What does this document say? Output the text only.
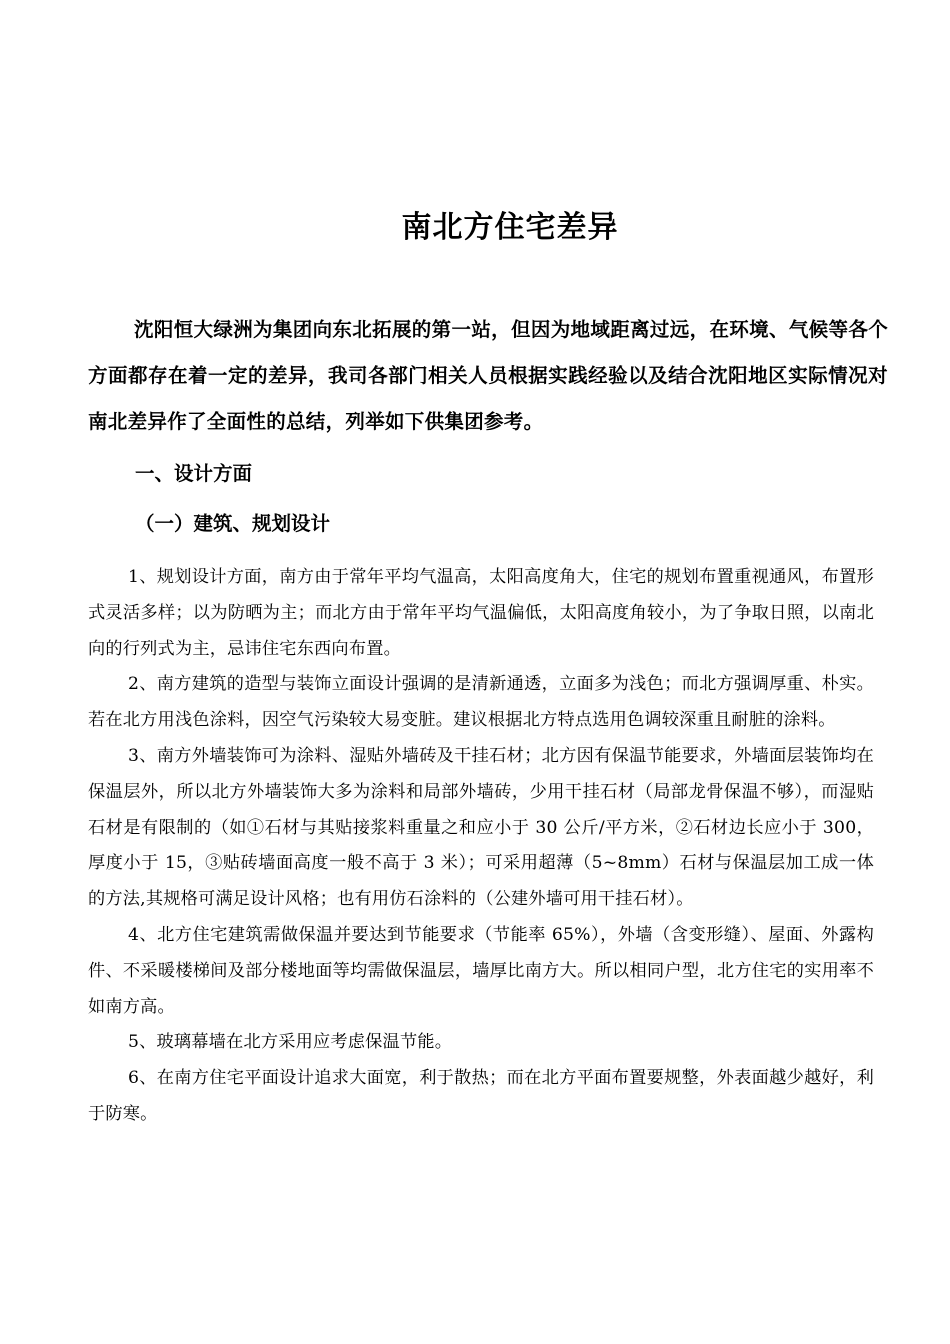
南北方住宅差异

沈阳恒大绿洲为集团向东北拓展的第一站，但因为地域距离过远，在环境、气候等各个方面都存在着一定的差异，我司各部门相关人员根据实践经验以及结合沈阳地区实际情况对南北差异作了全面性的总结，列举如下供集团参考。

一、设计方面

（一）建筑、规划设计

1、规划设计方面，南方由于常年平均气温高，太阳高度角大，住宅的规划布置重视通风，布置形式灵活多样；以为防晒为主；而北方由于常年平均气温偏低，太阳高度角较小，为了争取日照，以南北向的行列式为主，忌讳住宅东西向布置。

2、南方建筑的造型与装饰立面设计强调的是清新通透，立面多为浅色；而北方强调厚重、朴实。若在北方用浅色涂料，因空气污染较大易变脏。建议根据北方特点选用色调较深重且耐脏的涂料。

3、南方外墙装饰可为涂料、湿贴外墙砖及干挂石材；北方因有保温节能要求，外墙面层装饰均在保温层外，所以北方外墙装饰大多为涂料和局部外墙砖，少用干挂石材（局部龙骨保温不够），而湿贴石材是有限制的（如①石材与其贴接浆料重量之和应小于 30 公斤/平方米，②石材边长应小于 300，厚度小于 15，③贴砖墙面高度一般不高于 3 米）；可采用超薄（5~8mm）石材与保温层加工成一体的方法,其规格可满足设计风格；也有用仿石涂料的（公建外墙可用干挂石材）。

4、北方住宅建筑需做保温并要达到节能要求（节能率 65%），外墙（含变形缝）、屋面、外露构件、不采暖楼梯间及部分楼地面等均需做保温层，墙厚比南方大。所以相同户型，北方住宅的实用率不如南方高。

5、玻璃幕墙在北方采用应考虑保温节能。

6、在南方住宅平面设计追求大面宽，利于散热；而在北方平面布置要规整，外表面越少越好，利于防寒。
